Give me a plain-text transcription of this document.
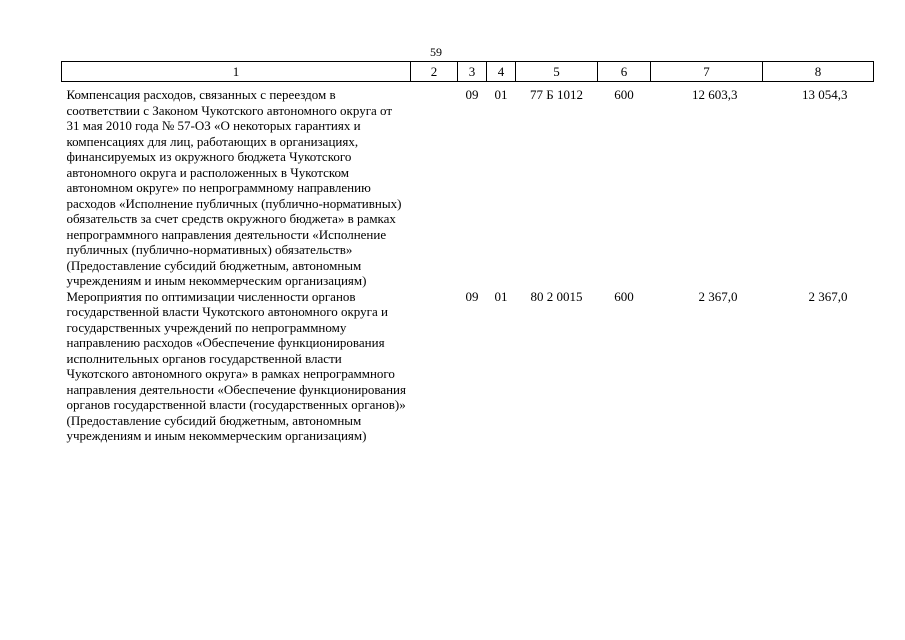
59
1	2	3	4	5	6	7	8
Компенсация расходов, связанных с переездом в соответствии с Законом Чукотского автономного округа от 31 мая 2010 года № 57-ОЗ «О некоторых гарантиях и компенсациях для лиц, работающих в организациях, финансируемых из окружного бюджета Чукотского автономного округа и расположенных в Чукотском автономном округе» по непрограммному направлению расходов «Исполнение публичных (публично-нормативных) обязательств за счет средств окружного бюджета» в рамках непрограммного направления деятельности «Исполнение публичных (публично-нормативных) обязательств» (Предоставление субсидий бюджетным, автономным учреждениям и иным некоммерческим организациям)		09	01	77 Б 1012	600	12 603,3	13 054,3
Мероприятия по оптимизации численности органов государственной власти Чукотского автономного округа и государственных учреждений по непрограммному направлению расходов «Обеспечение функционирования исполнительных органов государственной власти Чукотского автономного округа» в рамках непрограммного направления деятельности «Обеспечение функционирования органов государственной власти (государственных органов)» (Предоставление субсидий бюджетным, автономным учреждениям и иным некоммерческим организациям)		09	01	80 2 0015	600	2 367,0	2 367,0
